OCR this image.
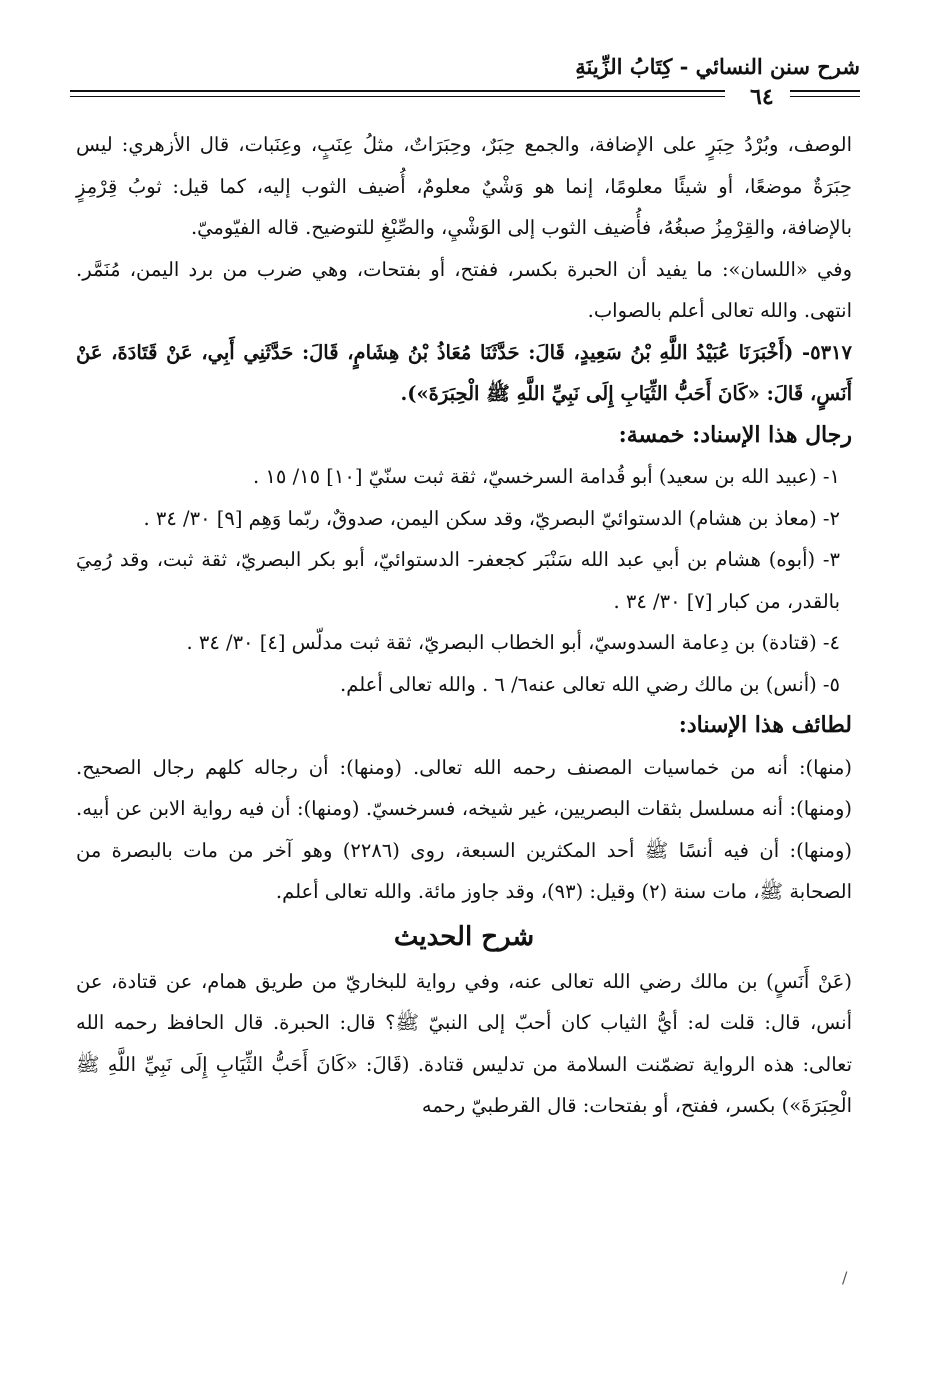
شرح سنن النسائي - كِتَابُ الزِّينَةِ
٦٤

الوصف، وبُرْدُ حِبَرٍ على الإضافة، والجمع حِبَرٌ، وحِبَرَاتٌ، مثلُ عِنَبٍ، وعِنَبات، قال الأزهري: ليس حِبَرَةٌ موضعًا، أو شيئًا معلومًا، إنما هو وَشْيٌ معلومٌ، أُضيف الثوب إليه، كما قيل: ثوبُ قِرْمِزٍ بالإضافة، والقِرْمِزُ صبغُهُ، فأُضيف الثوب إلى الوَشْيِ، والصِّبْغِ للتوضيح. قاله الفيّوميّ.

وفي «اللسان»: ما يفيد أن الحبرة بكسر، ففتح، أو بفتحات، وهي ضرب من برد اليمن، مُنَمَّر. انتهى. والله تعالى أعلم بالصواب.

٥٣١٧- (أَخْبَرَنَا عُبَيْدُ اللَّهِ بْنُ سَعِيدٍ، قَالَ: حَدَّثَنَا مُعَاذُ بْنُ هِشَامٍ، قَالَ: حَدَّثَنِي أَبِي، عَنْ قَتَادَةَ، عَنْ أَنَسٍ، قَالَ: «كَانَ أَحَبُّ الثِّيَابِ إِلَى نَبِيِّ اللَّهِ ﷺ الْحِبَرَةَ»).

رجال هذا الإسناد: خمسة:

١- (عبيد الله بن سعيد) أبو قُدامة السرخسيّ، ثقة ثبت سنّيّ [١٠] ١٥/ ١٥ .

٢- (معاذ بن هشام) الدستوائيّ البصريّ، وقد سكن اليمن، صدوقٌ، ربّما وَهِم [٩] ٣٠/ ٣٤ .

٣- (أبوه) هشام بن أبي عبد الله سَنْبَر كجعفر- الدستوائيّ، أبو بكر البصريّ، ثقة ثبت، وقد رُمِيَ بالقدر، من كبار [٧] ٣٠/ ٣٤ .

٤- (قتادة) بن دِعامة السدوسيّ، أبو الخطاب البصريّ، ثقة ثبت مدلّس [٤] ٣٠/ ٣٤ .

٥- (أنس) بن مالك رضي الله تعالى عنه٦/ ٦ . والله تعالى أعلم.

لطائف هذا الإسناد:

(منها): أنه من خماسيات المصنف رحمه الله تعالى. (ومنها): أن رجاله كلهم رجال الصحيح. (ومنها): أنه مسلسل بثقات البصريين، غير شيخه، فسرخسيّ. (ومنها): أن فيه رواية الابن عن أبيه. (ومنها): أن فيه أنسًا ﷺ أحد المكثرين السبعة، روى (٢٢٨٦) وهو آخر من مات بالبصرة من الصحابة ﷺ، مات سنة (٢) وقيل: (٩٣)، وقد جاوز مائة. والله تعالى أعلم.

شرح الحديث

(عَنْ أَنَسٍ) بن مالك رضي الله تعالى عنه، وفي رواية للبخاريّ من طريق همام، عن قتادة، عن أنس، قال: قلت له: أيُّ الثياب كان أحبّ إلى النبيّ ﷺ؟ قال: الحبرة. قال الحافظ رحمه الله تعالى: هذه الرواية تضمّنت السلامة من تدليس قتادة. (قَالَ: «كَانَ أَحَبُّ الثِّيَابِ إِلَى نَبِيِّ اللَّهِ ﷺ الْحِبَرَةَ») بكسر، ففتح، أو بفتحات: قال القرطبيّ رحمه

/
